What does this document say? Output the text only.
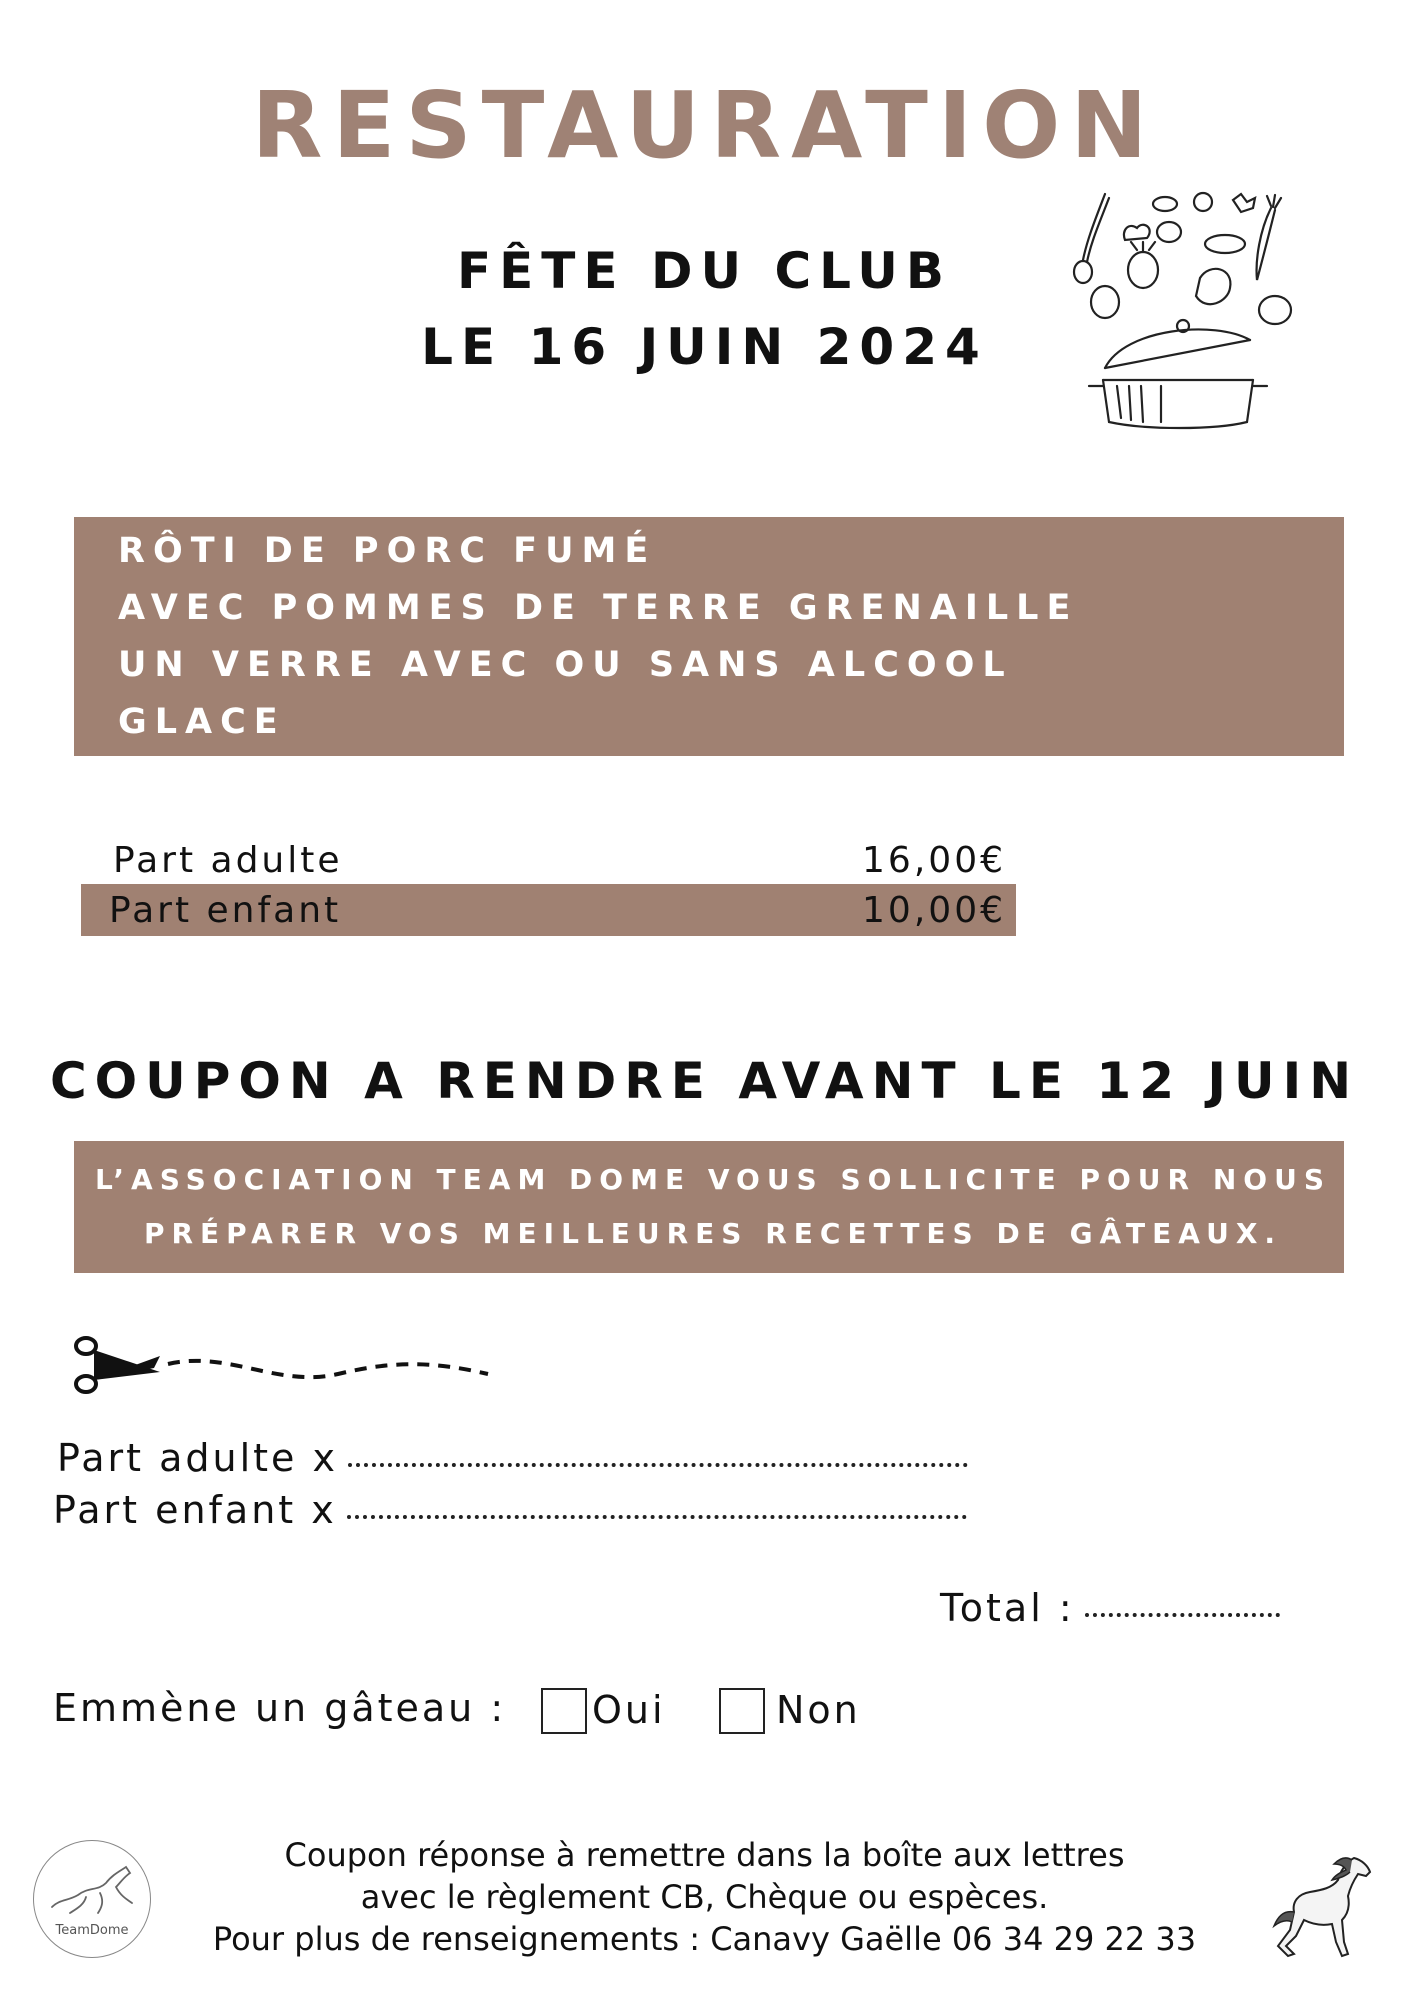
RESTAURATION
FÊTE DU CLUB
LE 16 JUIN 2024
RÔTI DE PORC FUMÉ
AVEC POMMES DE TERRE GRENAILLE
UN VERRE AVEC OU SANS ALCOOL
GLACE
Part adulte	16,00€
Part enfant	10,00€
COUPON A RENDRE AVANT LE 12 JUIN
L’ASSOCIATION TEAM DOME VOUS SOLLICITE POUR NOUS
PRÉPARER VOS MEILLEURES RECETTES DE GÂTEAUX.
Part adulte x
Part enfant x
Total :
Emmène un gâteau : Oui	Non
Coupon réponse à remettre dans la boîte aux lettres
avec le règlement CB, Chèque ou espèces.
Pour plus de renseignements : Canavy Gaëlle 06 34 29 22 33
TeamDome
